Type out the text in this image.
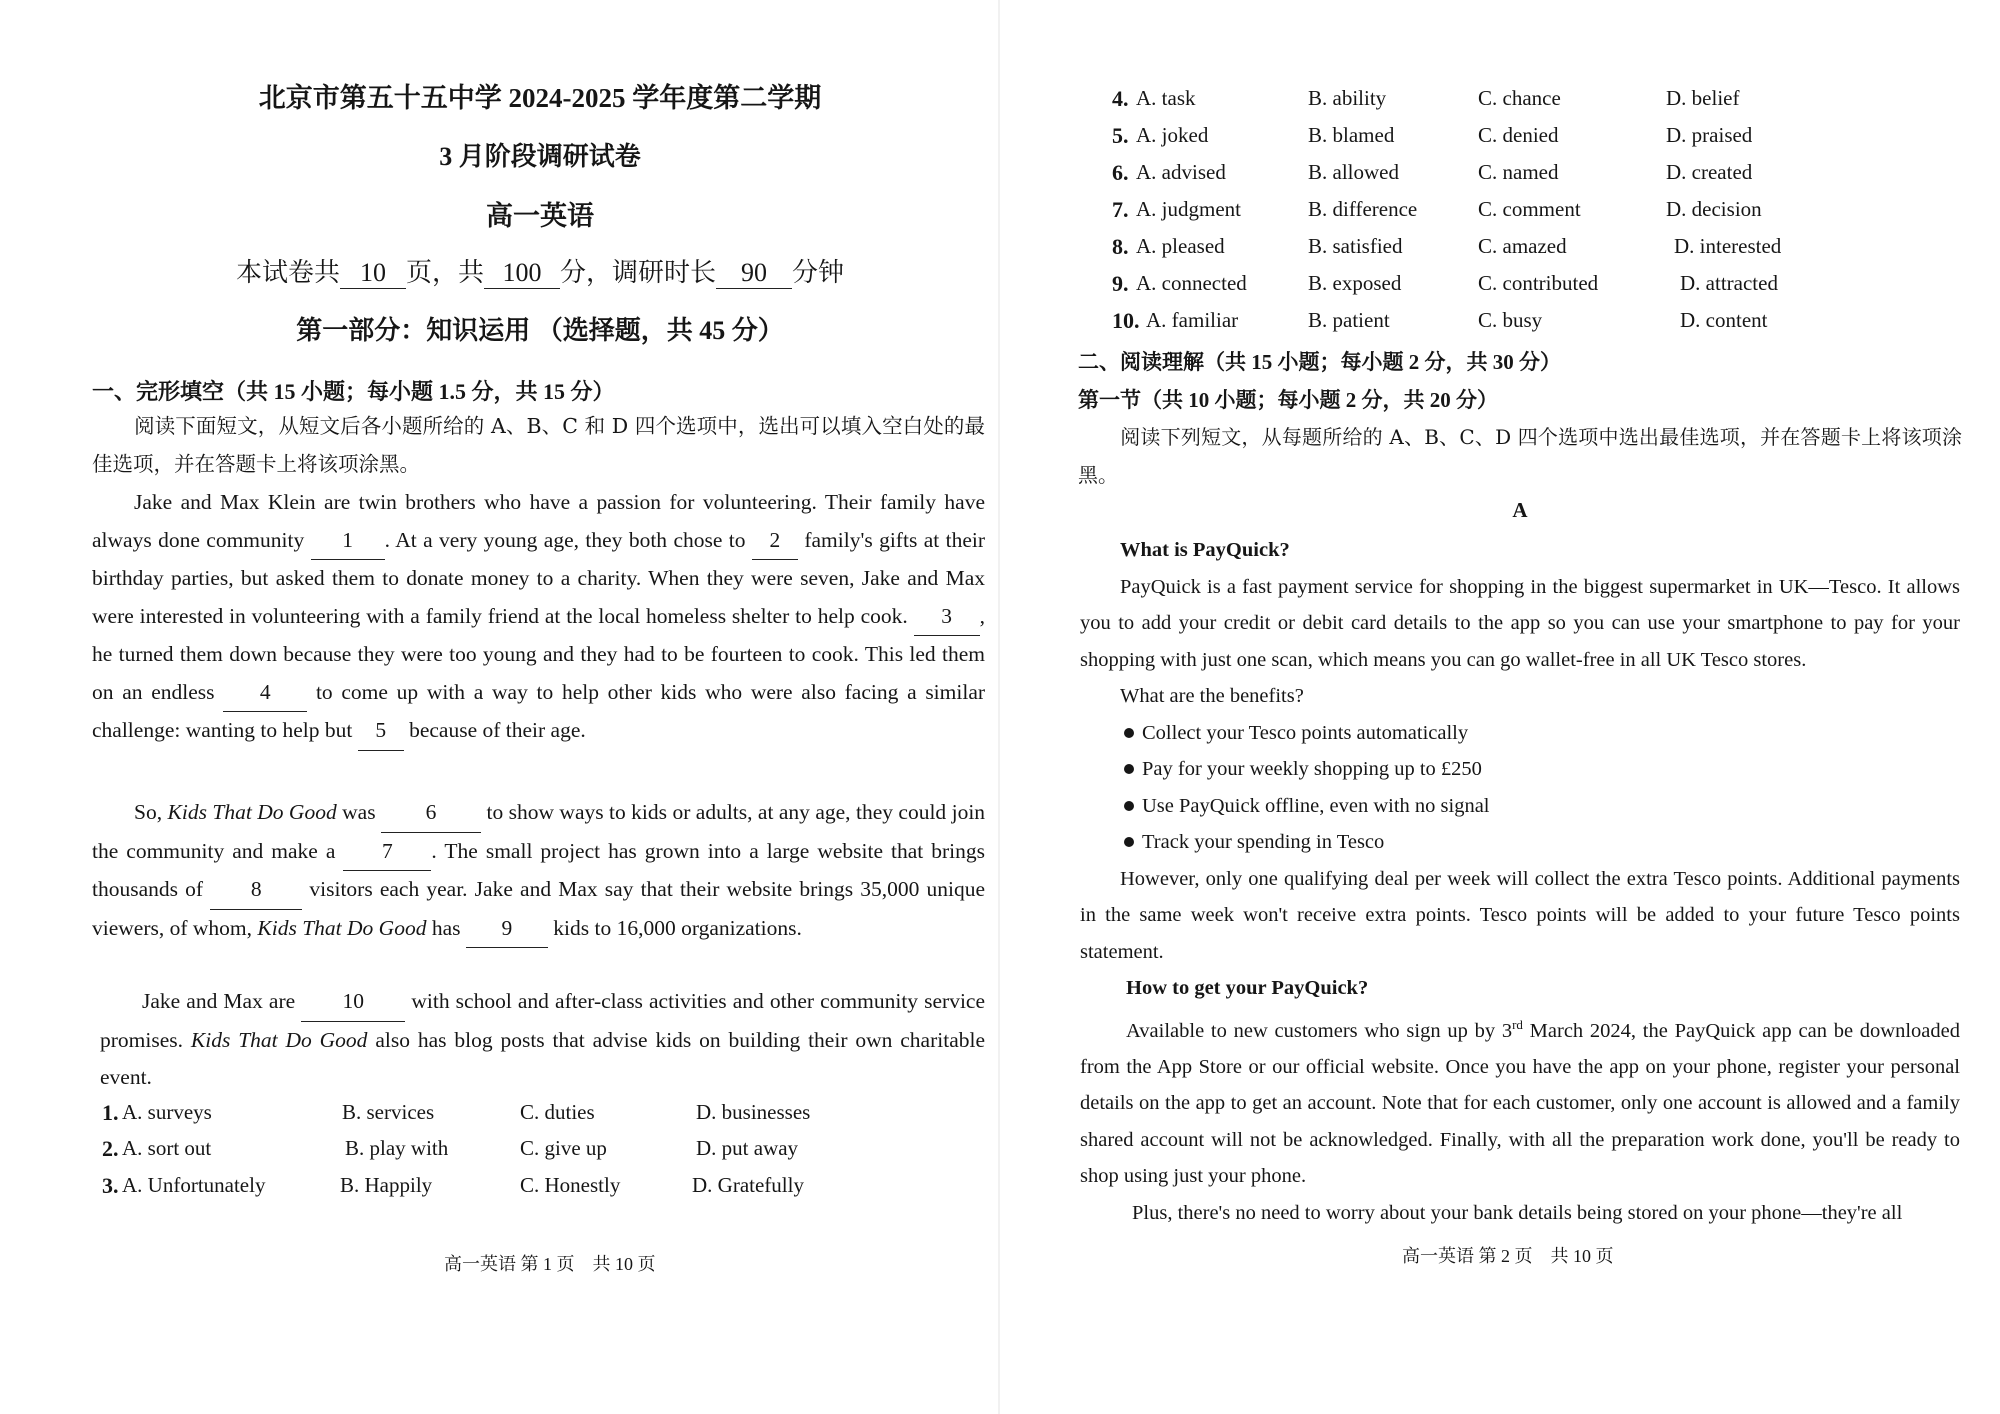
北京市第五十五中学 2024-2025 学年度第二学期
3 月阶段调研试卷
高一英语
本试卷共 10 页，共 100 分，调研时长 90 分钟
第一部分：知识运用 （选择题，共 45 分）
一、完形填空（共 15 小题；每小题 1.5 分，共 15 分）
阅读下面短文，从短文后各小题所给的 A、B、C 和 D 四个选项中，选出可以填入空白处的最佳选项，并在答题卡上将该项涂黑。
Jake and Max Klein are twin brothers who have a passion for volunteering. Their family have always done community 1 . At a very young age, they both chose to 2 family's gifts at their birthday parties, but asked them to donate money to a charity. When they were seven, Jake and Max were interested in volunteering with a family friend at the local homeless shelter to help cook. 3 , he turned them down because they were too young and they had to be fourteen to cook. This led them on an endless 4 to come up with a way to help other kids who were also facing a similar challenge: wanting to help but 5 because of their age.
So, Kids That Do Good was 6 to show ways to kids or adults, at any age, they could join the community and make a 7 . The small project has grown into a large website that brings thousands of 8 visitors each year. Jake and Max say that their website brings 35,000 unique viewers, of whom, Kids That Do Good has 9 kids to 16,000 organizations.
Jake and Max are 10 with school and after-class activities and other community service promises. Kids That Do Good also has blog posts that advise kids on building their own charitable event.
1. A. surveys	B. services	C. duties	D. businesses
2. A. sort out	B. play with	C. give up	D. put away
3. A. Unfortunately	B. Happily	C. Honestly	D. Gratefully
高一英语 第 1 页　共 10 页
4. A. task	B. ability	C. chance	D. belief
5. A. joked	B. blamed	C. denied	D. praised
6. A. advised	B. allowed	C. named	D. created
7. A. judgment	B. difference	C. comment	D. decision
8. A. pleased	B. satisfied	C. amazed	D. interested
9. A. connected	B. exposed	C. contributed	D. attracted
10. A. familiar	B. patient	C. busy	D. content
二、阅读理解（共 15 小题；每小题 2 分，共 30 分）
第一节（共 10 小题；每小题 2 分，共 20 分）
阅读下列短文，从每题所给的 A、B、C、D 四个选项中选出最佳选项，并在答题卡上将该项涂黑。
A
What is PayQuick?
PayQuick is a fast payment service for shopping in the biggest supermarket in UK—Tesco. It allows you to add your credit or debit card details to the app so you can use your smartphone to pay for your shopping with just one scan, which means you can go wallet-free in all UK Tesco stores.
What are the benefits?
Collect your Tesco points automatically
Pay for your weekly shopping up to £250
Use PayQuick offline, even with no signal
Track your spending in Tesco
However, only one qualifying deal per week will collect the extra Tesco points. Additional payments in the same week won't receive extra points. Tesco points will be added to your future Tesco points statement.
How to get your PayQuick?
Available to new customers who sign up by 3rd March 2024, the PayQuick app can be downloaded from the App Store or our official website. Once you have the app on your phone, register your personal details on the app to get an account. Note that for each customer, only one account is allowed and a family shared account will not be acknowledged. Finally, with all the preparation work done, you'll be ready to shop using just your phone.
Plus, there's no need to worry about your bank details being stored on your phone—they're all
高一英语 第 2 页　共 10 页
